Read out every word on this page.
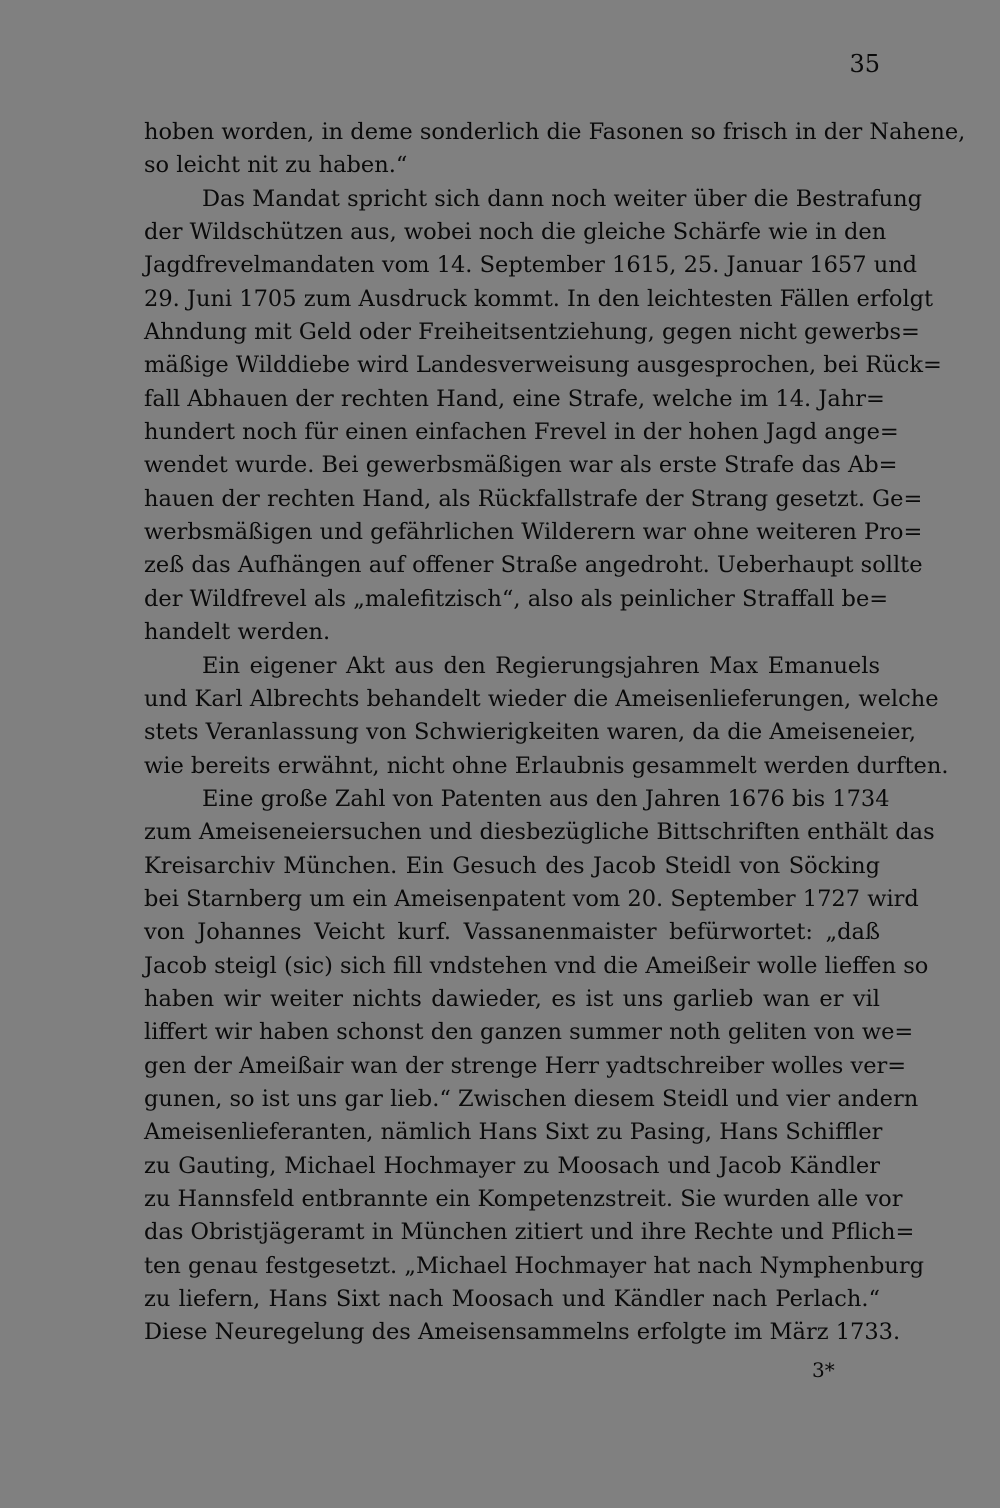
35
hoben worden, in deme sonderlich die Fasonen so frisch in der Nahene,
so leicht nit zu haben.“
Das Mandat spricht sich dann noch weiter über die Bestrafung
der Wildschützen aus, wobei noch die gleiche Schärfe wie in den
Jagdfrevelmandaten vom 14. September 1615, 25. Januar 1657 und
29. Juni 1705 zum Ausdruck kommt. In den leichtesten Fällen erfolgt
Ahndung mit Geld oder Freiheitsentziehung, gegen nicht gewerbs=
mäßige Wilddiebe wird Landesverweisung ausgesprochen, bei Rück=
fall Abhauen der rechten Hand, eine Strafe, welche im 14. Jahr=
hundert noch für einen einfachen Frevel in der hohen Jagd ange=
wendet wurde. Bei gewerbsmäßigen war als erste Strafe das Ab=
hauen der rechten Hand, als Rückfallstrafe der Strang gesetzt. Ge=
werbsmäßigen und gefährlichen Wilderern war ohne weiteren Pro=
zeß das Aufhängen auf offener Straße angedroht. Ueberhaupt sollte
der Wildfrevel als „malefitzisch“, also als peinlicher Straffall be=
handelt werden.
Ein eigener Akt aus den Regierungsjahren Max Emanuels
und Karl Albrechts behandelt wieder die Ameisenlieferungen, welche
stets Veranlassung von Schwierigkeiten waren, da die Ameiseneier,
wie bereits erwähnt, nicht ohne Erlaubnis gesammelt werden durften.
Eine große Zahl von Patenten aus den Jahren 1676 bis 1734
zum Ameiseneiersuchen und diesbezügliche Bittschriften enthält das
Kreisarchiv München. Ein Gesuch des Jacob Steidl von Söcking
bei Starnberg um ein Ameisenpatent vom 20. September 1727 wird
von Johannes Veicht kurf. Vassanenmaister befürwortet: „daß
Jacob steigl (sic) sich fill vndstehen vnd die Ameißeir wolle lieffen so
haben wir weiter nichts dawieder, es ist uns garlieb wan er vil
liffert wir haben schonst den ganzen summer noth geliten von we=
gen der Ameißair wan der strenge Herr yadtschreiber wolles ver=
gunen, so ist uns gar lieb.“ Zwischen diesem Steidl und vier andern
Ameisenlieferanten, nämlich Hans Sixt zu Pasing, Hans Schiffler
zu Gauting, Michael Hochmayer zu Moosach und Jacob Kändler
zu Hannsfeld entbrannte ein Kompetenzstreit. Sie wurden alle vor
das Obristjägeramt in München zitiert und ihre Rechte und Pflich=
ten genau festgesetzt. „Michael Hochmayer hat nach Nymphenburg
zu liefern, Hans Sixt nach Moosach und Kändler nach Perlach.“
Diese Neuregelung des Ameisensammelns erfolgte im März 1733.
3*
